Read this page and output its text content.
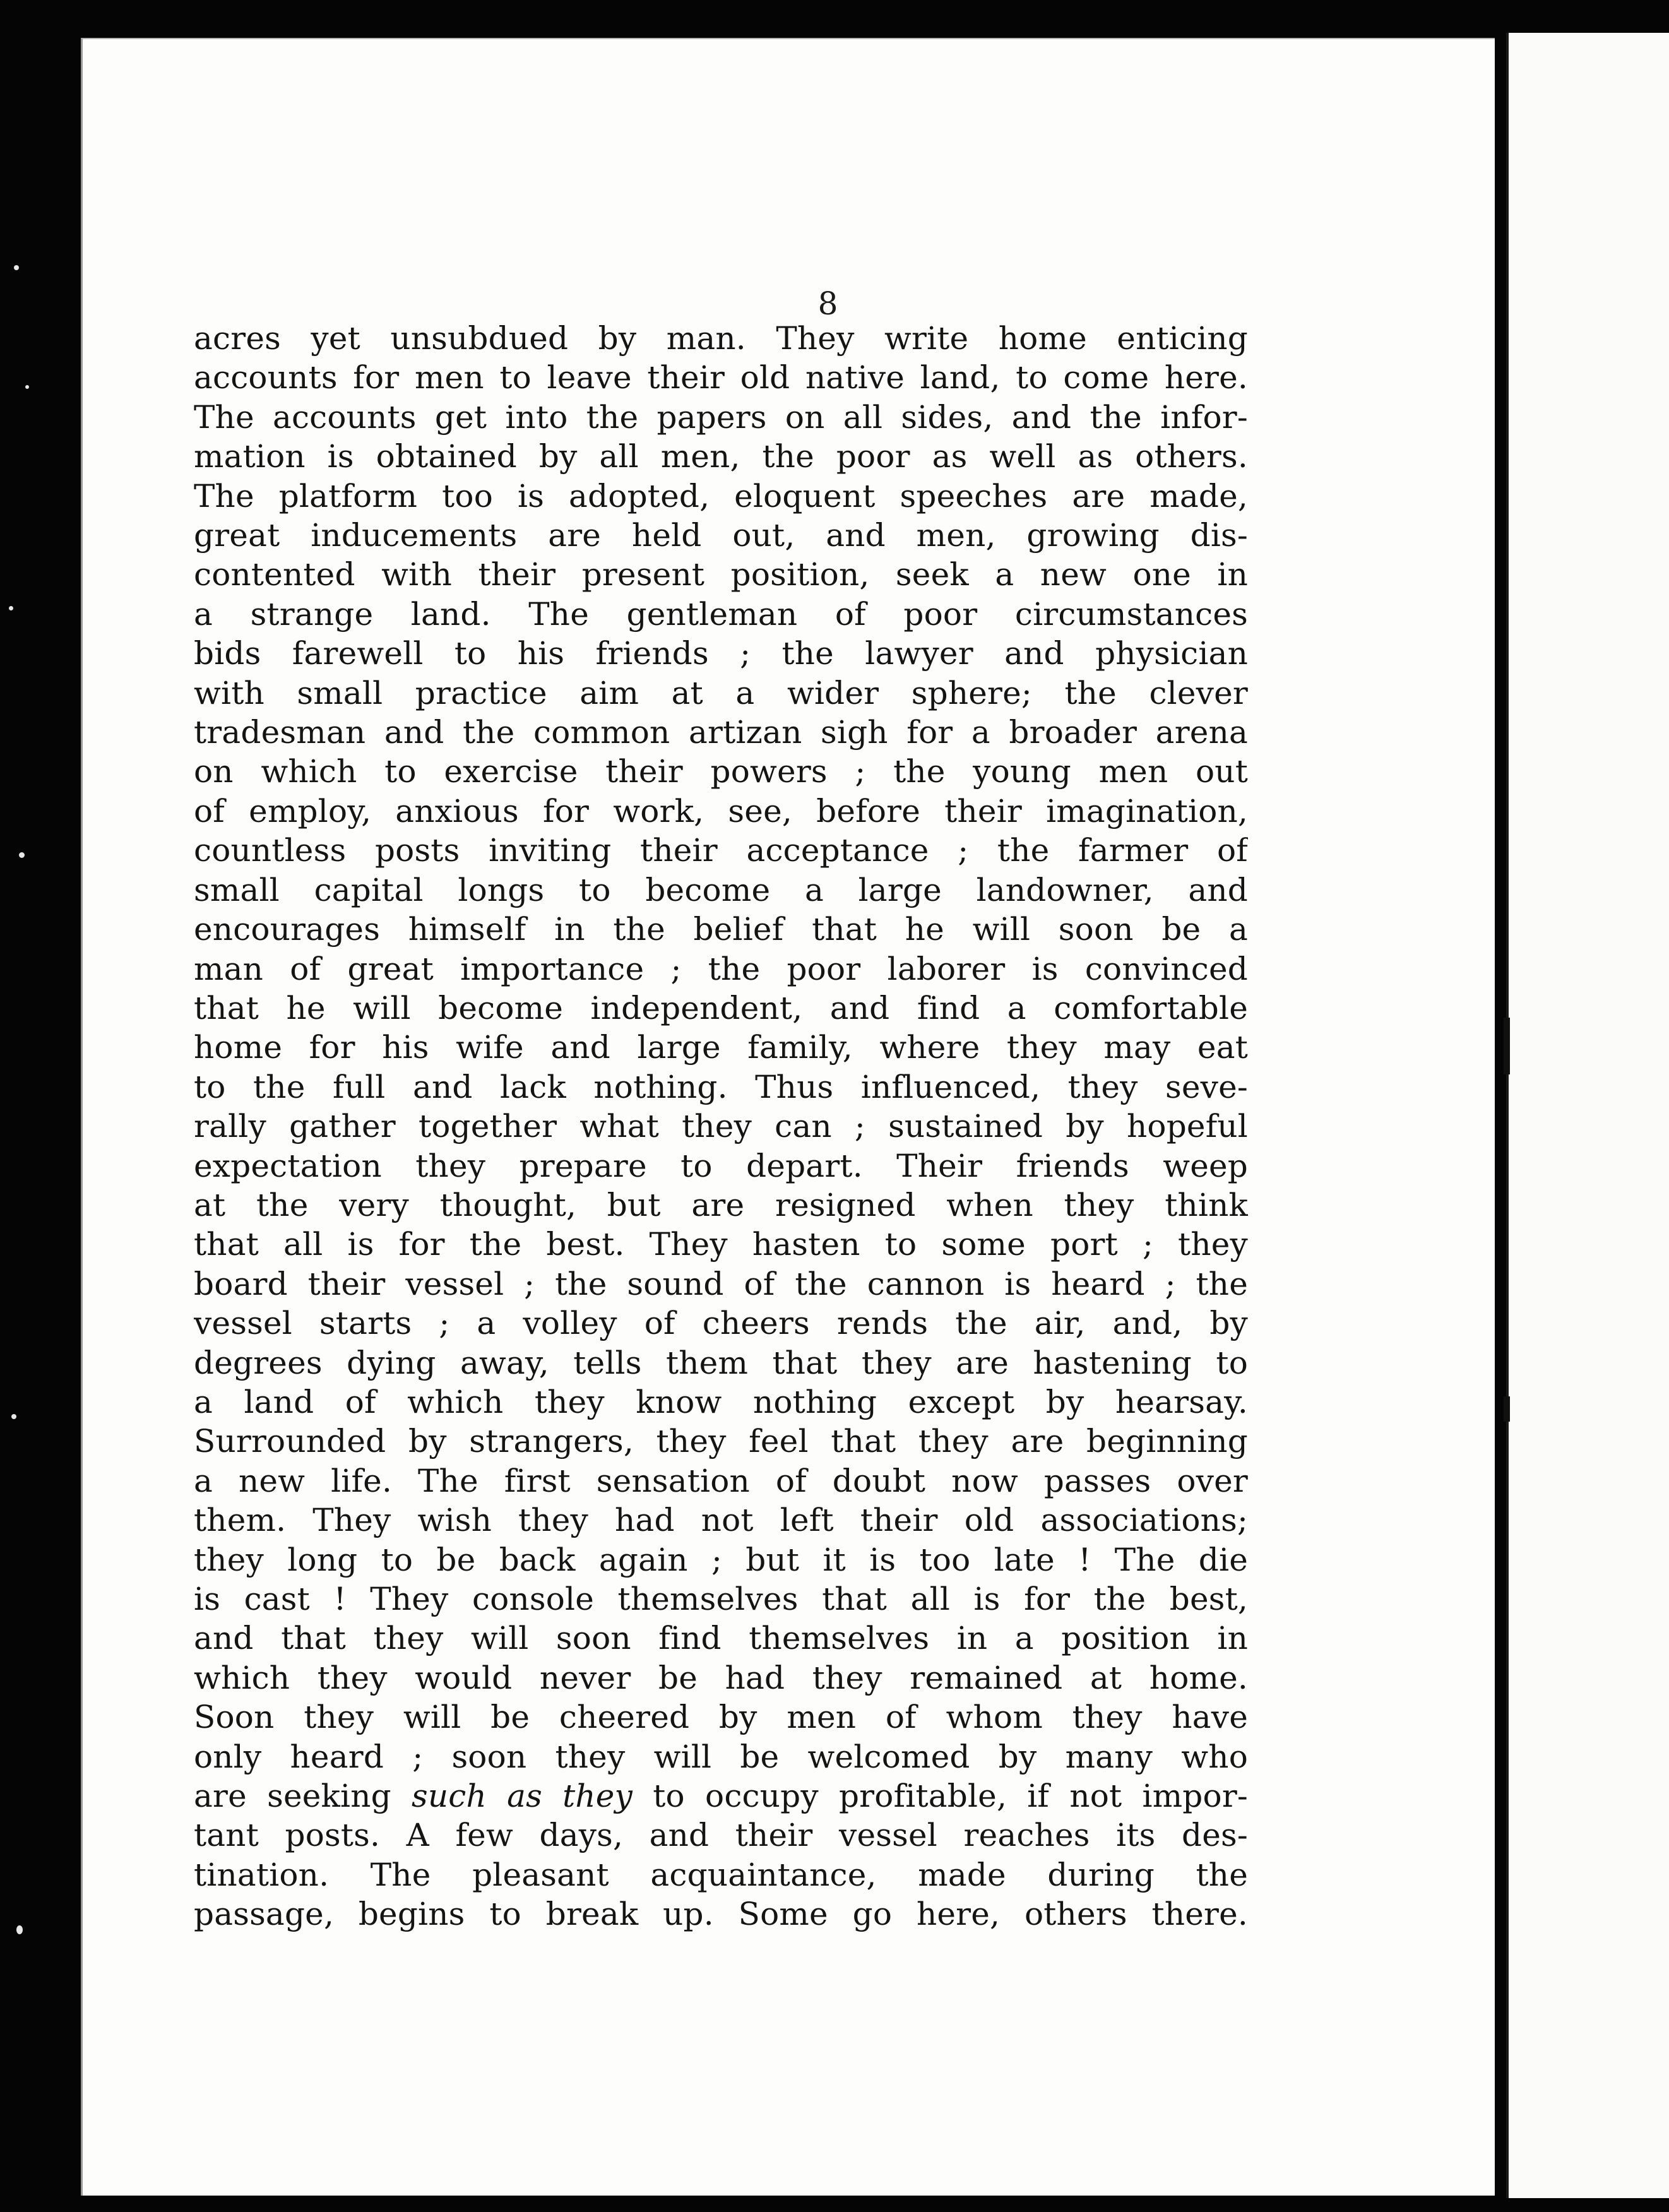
8
acres yet unsubdued by man. They write home enticing
accounts for men to leave their old native land, to come here.
The accounts get into the papers on all sides, and the infor-
mation is obtained by all men, the poor as well as others.
The platform too is adopted, eloquent speeches are made,
great inducements are held out, and men, growing dis-
contented with their present position, seek a new one in
a strange land. The gentleman of poor circumstances
bids farewell to his friends ; the lawyer and physician
with small practice aim at a wider sphere; the clever
tradesman and the common artizan sigh for a broader arena
on which to exercise their powers ; the young men out
of employ, anxious for work, see, before their imagination,
countless posts inviting their acceptance ; the farmer of
small capital longs to become a large landowner, and
encourages himself in the belief that he will soon be a
man of great importance ; the poor laborer is convinced
that he will become independent, and find a comfortable
home for his wife and large family, where they may eat
to the full and lack nothing. Thus influenced, they seve-
rally gather together what they can ; sustained by hopeful
expectation they prepare to depart. Their friends weep
at the very thought, but are resigned when they think
that all is for the best. They hasten to some port ; they
board their vessel ; the sound of the cannon is heard ; the
vessel starts ; a volley of cheers rends the air, and, by
degrees dying away, tells them that they are hastening to
a land of which they know nothing except by hearsay.
Surrounded by strangers, they feel that they are beginning
a new life. The first sensation of doubt now passes over
them. They wish they had not left their old associations;
they long to be back again ; but it is too late ! The die
is cast ! They console themselves that all is for the best,
and that they will soon find themselves in a position in
which they would never be had they remained at home.
Soon they will be cheered by men of whom they have
only heard ; soon they will be welcomed by many who
are seeking such as they to occupy profitable, if not impor-
tant posts. A few days, and their vessel reaches its des-
tination. The pleasant acquaintance, made during the
passage, begins to break up. Some go here, others there.
